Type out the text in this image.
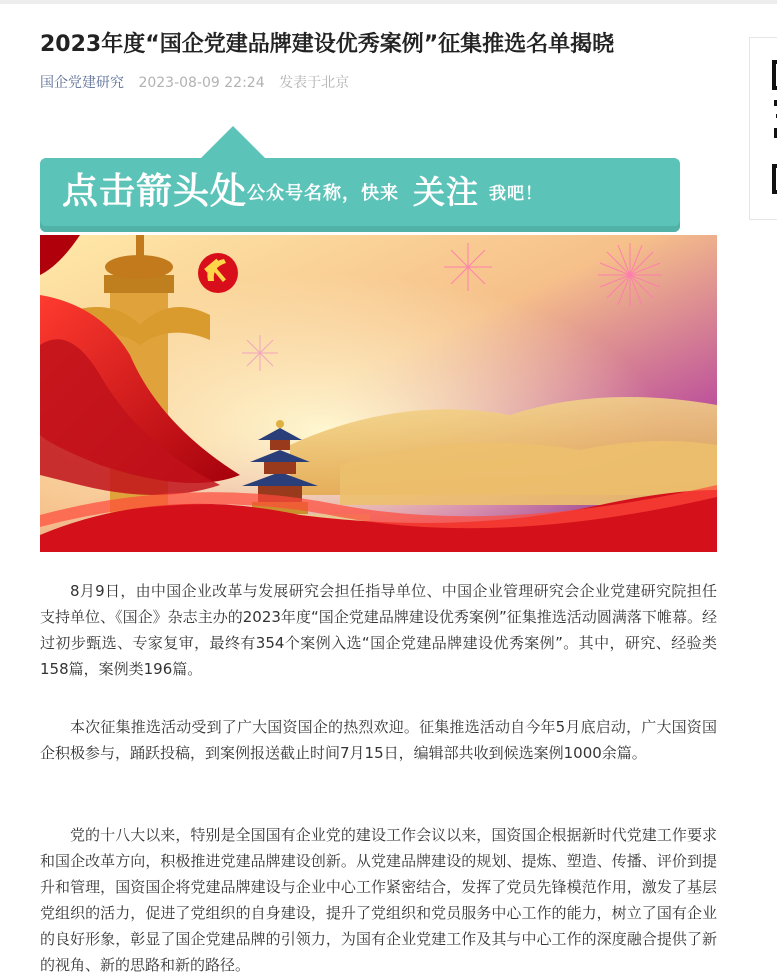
2023年度“国企党建品牌建设优秀案例”征集推选名单揭晓
国企党建研究 2023-08-09 22:24 发表于北京
点击箭头处公众号名称，快来 关注 我吧！

8月9日，由中国企业改革与发展研究会担任指导单位、中国企业管理研究会企业党建研究院担任支持单位、《国企》杂志主办的2023年度“国企党建品牌建设优秀案例”征集推选活动圆满落下帷幕。经过初步甄选、专家复审，最终有354个案例入选“国企党建品牌建设优秀案例”。其中，研究、经验类158篇，案例类196篇。

本次征集推选活动受到了广大国资国企的热烈欢迎。征集推选活动自今年5月底启动，广大国资国企积极参与，踊跃投稿，到案例报送截止时间7月15日，编辑部共收到候选案例1000余篇。

党的十八大以来，特别是全国国有企业党的建设工作会议以来，国资国企根据新时代党建工作要求和国企改革方向，积极推进党建品牌建设创新。从党建品牌建设的规划、提炼、塑造、传播、评价到提升和管理，国资国企将党建品牌建设与企业中心工作紧密结合，发挥了党员先锋模范作用，激发了基层党组织的活力，促进了党组织的自身建设，提升了党组织和党员服务中心工作的能力，树立了国有企业的良好形象，彰显了国企党建品牌的引领力，为国有企业党建工作及其与中心工作的深度融合提供了新的视角、新的思路和新的路径。
